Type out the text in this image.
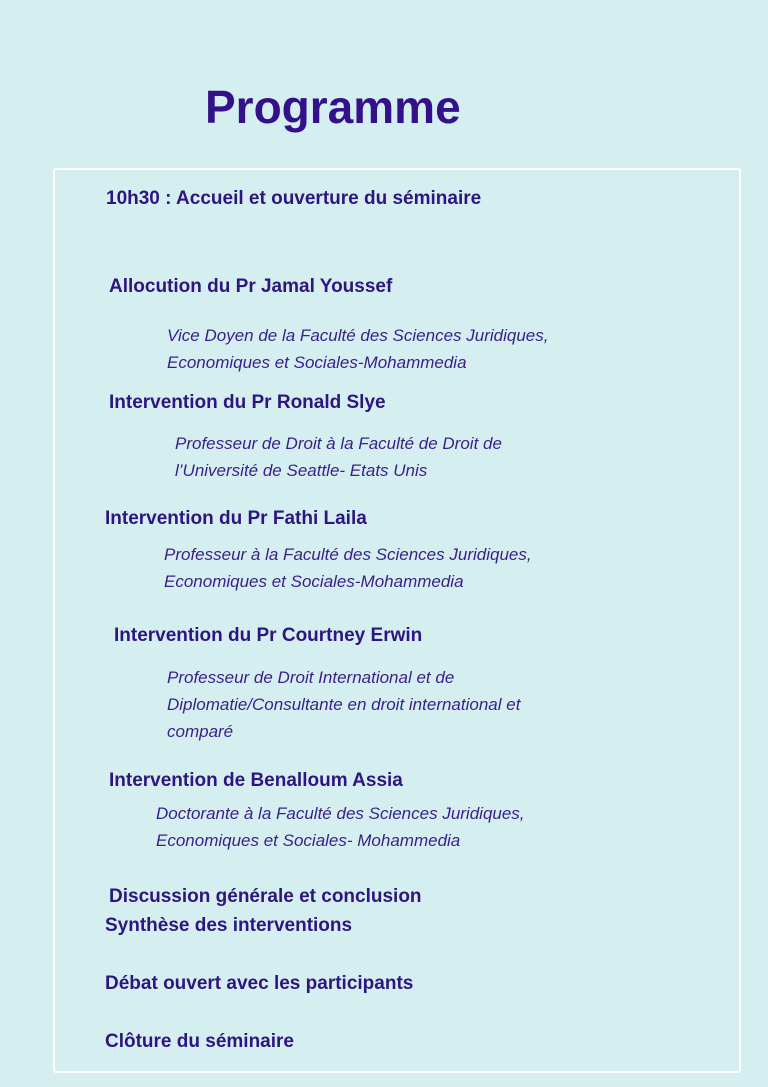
Programme

10h30 : Accueil et ouverture du séminaire

Allocution du Pr Jamal Youssef

Vice Doyen de la Faculté des Sciences Juridiques,
Economiques et Sociales-Mohammedia

Intervention du Pr Ronald Slye

Professeur de Droit à la Faculté de Droit de
l’Université de Seattle- Etats Unis

Intervention du Pr Fathi Laila

Professeur à la Faculté des Sciences Juridiques,
Economiques et Sociales-Mohammedia

Intervention du Pr Courtney Erwin

Professeur de Droit International et de
Diplomatie/Consultante en droit international et
comparé

Intervention de Benalloum Assia

Doctorante à la Faculté des Sciences Juridiques,
Economiques et Sociales- Mohammedia

Discussion générale et conclusion

Synthèse des interventions

Débat ouvert avec les participants

Clôture du séminaire
